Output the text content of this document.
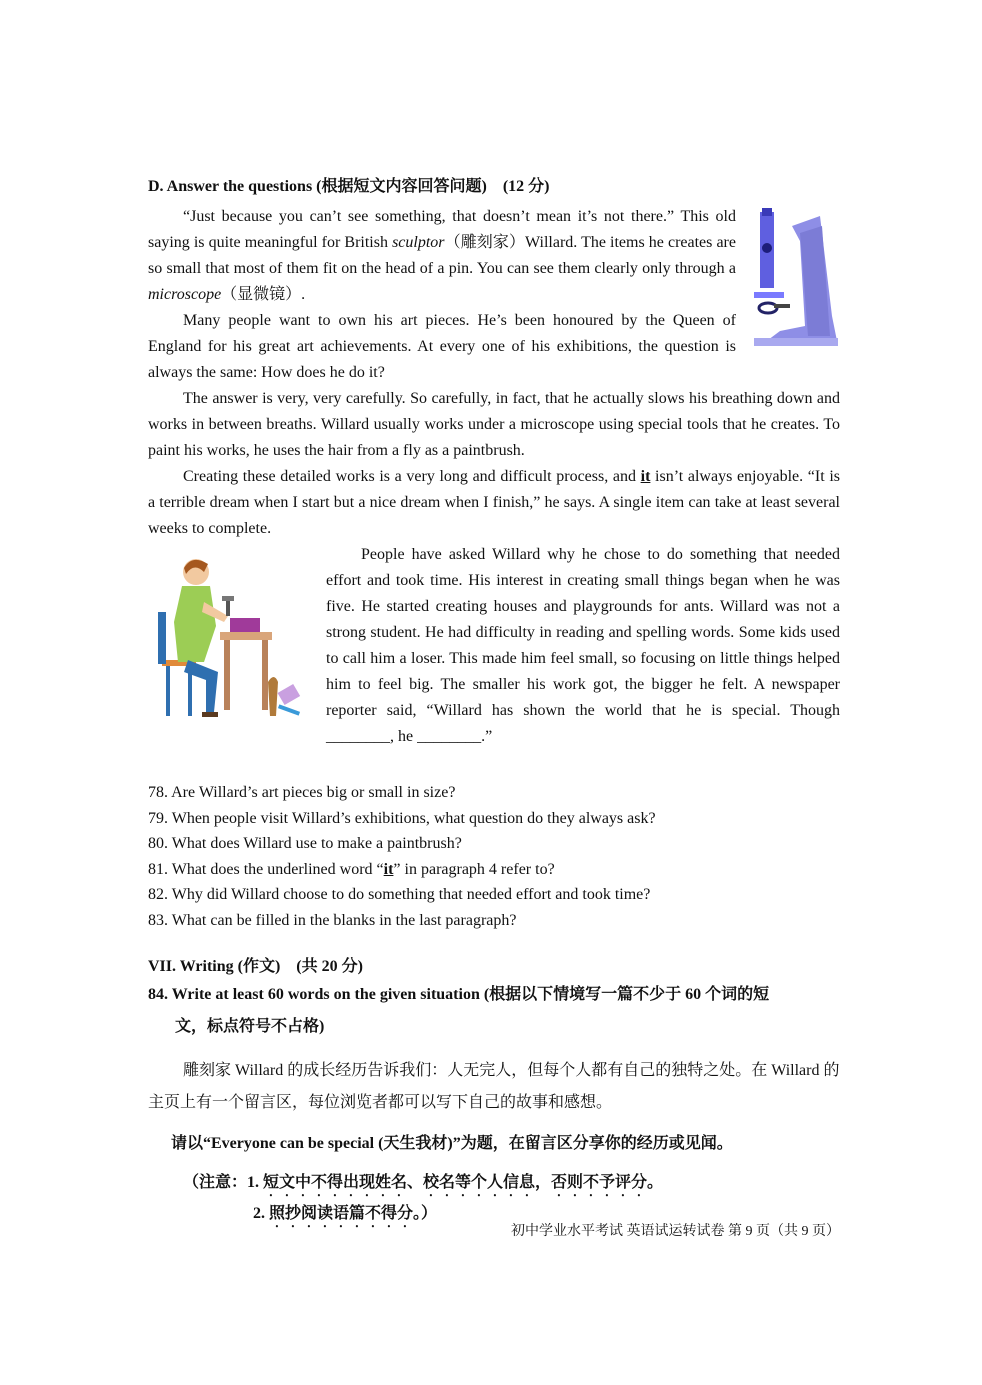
D. Answer the questions (根据短文内容回答问题)　(12 分)

“Just because you can’t see something, that doesn’t mean it’s not there.” This old saying is quite meaningful for British sculptor（雕刻家）Willard. The items he creates are so small that most of them fit on the head of a pin. You can see them clearly only through a microscope（显微镜）.

Many people want to own his art pieces. He’s been honoured by the Queen of England for his great art achievements. At every one of his exhibitions, the question is always the same: How does he do it?

The answer is very, very carefully. So carefully, in fact, that he actually slows his breathing down and works in between breaths. Willard usually works under a microscope using special tools that he creates. To paint his works, he uses the hair from a fly as a paintbrush.

Creating these detailed works is a very long and difficult process, and it isn’t always enjoyable. “It is a terrible dream when I start but a nice dream when I finish,” he says. A single item can take at least several weeks to complete.

People have asked Willard why he chose to do something that needed effort and took time. His interest in creating small things began when he was five. He started creating houses and playgrounds for ants. Willard was not a strong student. He had difficulty in reading and spelling words. Some kids used to call him a loser. This made him feel small, so focusing on little things helped him to feel big. The smaller his work got, the bigger he felt. A newspaper reporter said, “Willard has shown the world that he is special. Though ________, he ________.”

78. Are Willard’s art pieces big or small in size?

79. When people visit Willard’s exhibitions, what question do they always ask?

80. What does Willard use to make a paintbrush?

81. What does the underlined word “it” in paragraph 4 refer to?

82. Why did Willard choose to do something that needed effort and took time?

83. What can be filled in the blanks in the last paragraph?

VII. Writing (作文)　(共 20 分)

84. Write at least 60 words on the given situation (根据以下情境写一篇不少于 60 个词的短
文，标点符号不占格)

雕刻家 Willard 的成长经历告诉我们：人无完人，但每个人都有自己的独特之处。在 Willard 的主页上有一个留言区，每位浏览者都可以写下自己的故事和感想。

请以“Everyone can be special (天生我材)”为题，在留言区分享你的经历或见闻。

（注意：1. 短文中不得出现姓名、校名等个人信息，否则不予评分。
2. 照抄阅读语篇不得分。）

初中学业水平考试 英语试运转试卷 第 9 页（共 9 页）
